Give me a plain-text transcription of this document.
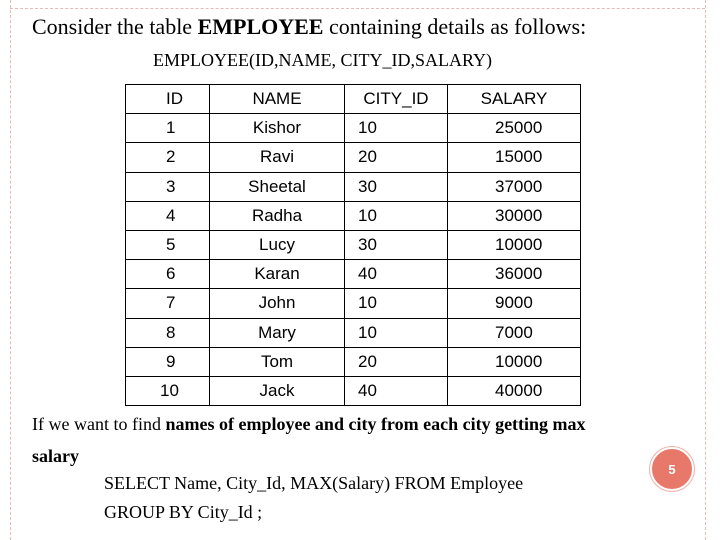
Consider the table EMPLOYEE containing details as follows:
EMPLOYEE(ID,NAME, CITY_ID,SALARY)
ID	NAME	CITY_ID	SALARY
1	Kishor	10	25000
2	Ravi	20	15000
3	Sheetal	30	37000
4	Radha	10	30000
5	Lucy	30	10000
6	Karan	40	36000
7	John	10	9000
8	Mary	10	7000
9	Tom	20	10000
10	Jack	40	40000
If we want to find names of employee and city from each city getting max
salary
SELECT Name, City_Id, MAX(Salary) FROM Employee
GROUP BY City_Id ;
5
